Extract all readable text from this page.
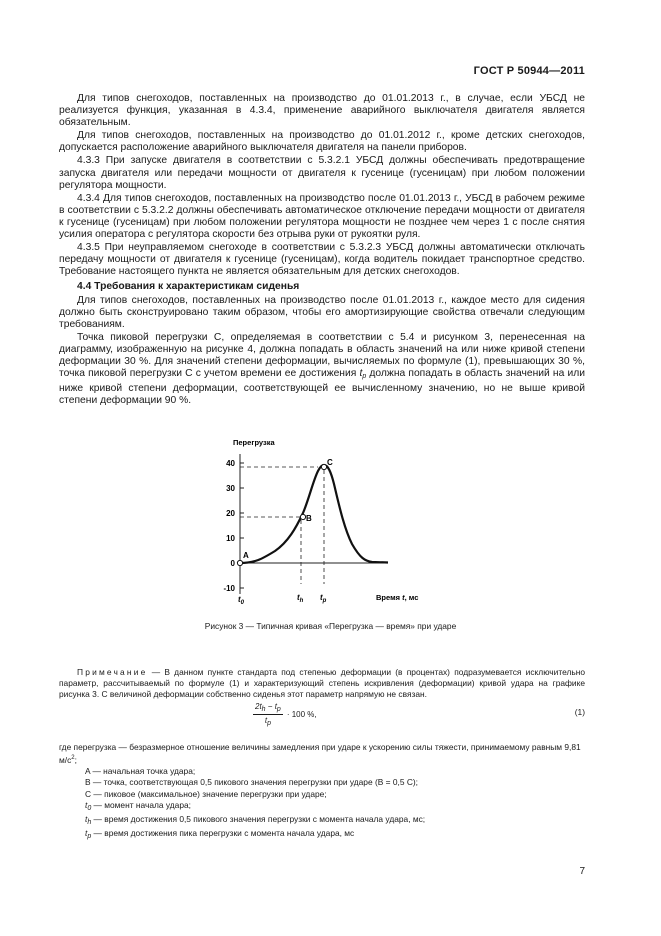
ГОСТ Р 50944—2011

Для типов снегоходов, поставленных на производство до 01.01.2013 г., в случае, если УБСД не реализуется функция, указанная в 4.3.4, применение аварийного выключателя двигателя является обязательным.

Для типов снегоходов, поставленных на производство до 01.01.2012 г., кроме детских снегоходов, допускается расположение аварийного выключателя двигателя на панели приборов.

4.3.3 При запуске двигателя в соответствии с 5.3.2.1 УБСД должны обеспечивать предотвращение запуска двигателя или передачи мощности от двигателя к гусенице (гусеницам) при любом положении регулятора мощности.

4.3.4 Для типов снегоходов, поставленных на производство после 01.01.2013 г., УБСД в рабочем режиме в соответствии с 5.3.2.2 должны обеспечивать автоматическое отключение передачи мощности от двигателя к гусенице (гусеницам) при любом положении регулятора мощности не позднее чем через 1 с после снятия усилия оператора с регулятора скорости без отрыва руки от рукоятки руля.

4.3.5 При неуправляемом снегоходе в соответствии с 5.3.2.3 УБСД должны автоматически отключать передачу мощности от двигателя к гусенице (гусеницам), когда водитель покидает транспортное средство. Требование настоящего пункта не является обязательным для детских снегоходов.

4.4 Требования к характеристикам сиденья

Для типов снегоходов, поставленных на производство после 01.01.2013 г., каждое место для сидения должно быть сконструировано таким образом, чтобы его амортизирующие свойства отвечали следующим требованиям.

Точка пиковой перегрузки С, определяемая в соответствии с 5.4 и рисунком 3, перенесенная на диаграмму, изображенную на рисунке 4, должна попадать в область значений на или ниже кривой степени деформации 30 %. Для значений степени деформации, вычисляемых по формуле (1), превышающих 30 %, точка пиковой перегрузки С с учетом времени ее достижения $t_p$ должна попадать в область значений на или ниже кривой степени деформации, соответствующей ее вычисленному значению, но не выше кривой степени деформации 90 %.

Перегрузка
40
30
20
10
0
-10
A
B
C
$t_0$
$t_h$ $t_p$	Время t, мс
Рисунок 3 — Типичная кривая «Перегрузка — время» при ударе
Примечание — В данном пункте стандарта под степенью деформации (в процентах) подразумевается исключительно параметр, рассчитываемый по формуле (1) и характеризующий степень искривления (деформации) кривой удара на графике рисунка 3. С величиной деформации собственно сиденья этот параметр напрямую не связан.
$\frac{2th - tp}{tp} \cdot 100$ %,	(1)
где перегрузка — безразмерное отношение величины замедления при ударе к ускорению силы тяжести, принимаемому равным 9,81 $м/с^2$;
A — начальная точка удара;
B — точка, соответствующая 0,5 пикового значения перегрузки при ударе (B = 0,5 C);
C — пиковое (максимальное) значение перегрузки при ударе;
$t_0$ — момент начала удара;
$t_h$ — время достижения 0,5 пикового значения перегрузки с момента начала удара, мс;
$t_p$ — время достижения пика перегрузки с момента начала удара, мс
7
